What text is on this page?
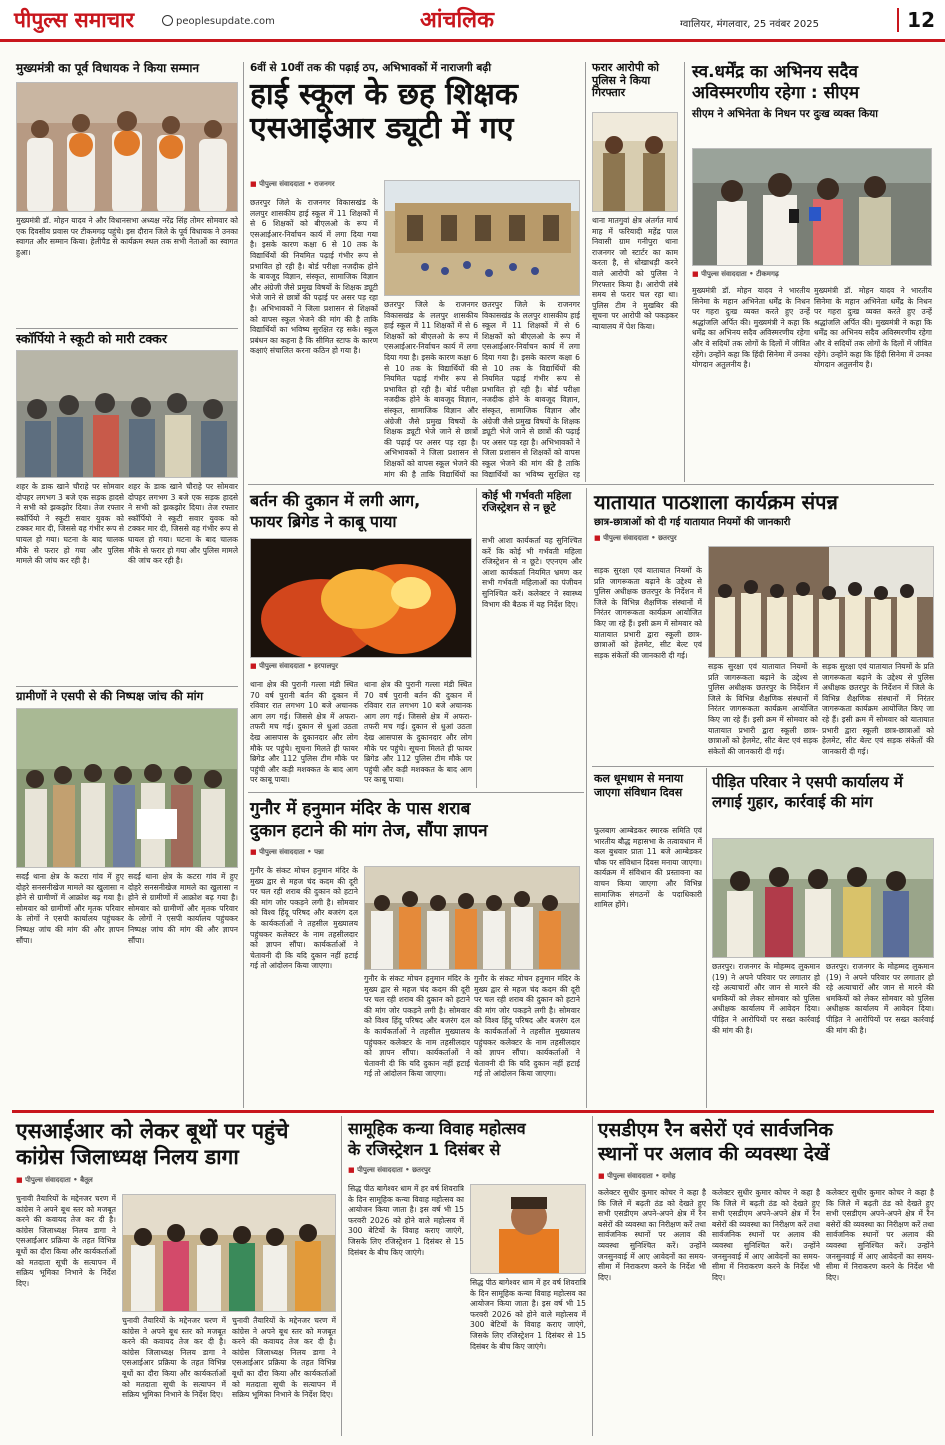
पीपुल्स समाचार	peoplesupdate.com	आंचलिक	ग्वालियर, मंगलवार, 25 नवंबर 2025	12
मुख्यमंत्री का पूर्व विधायक ने किया सम्मान
मुख्यमंत्री डॉ. मोहन यादव ने और विधानसभा अध्यक्ष नरेंद्र सिंह तोमर सोमवार को एक दिवसीय प्रवास पर टीकमगढ़ पहुंचे। इस दौरान जिले के पूर्व विधायक ने उनका स्वागत और सम्मान किया। हेलीपैड से कार्यक्रम स्थल तक सभी नेताओं का स्वागत हुआ।
स्कॉर्पियो ने स्कूटी को मारी टक्कर
शहर के डाक खाने चौराहे पर सोमवार दोपहर लगभग 3 बजे एक सड़क हादसे ने सभी को झकझोर दिया। तेज रफ्तार स्कॉर्पियो ने स्कूटी सवार युवक को टक्कर मार दी, जिससे वह गंभीर रूप से घायल हो गया। घटना के बाद चालक मौके से फरार हो गया और पुलिस मामले की जांच कर रही है।
शहर के डाक खाने चौराहे पर सोमवार दोपहर लगभग 3 बजे एक सड़क हादसे ने सभी को झकझोर दिया। तेज रफ्तार स्कॉर्पियो ने स्कूटी सवार युवक को टक्कर मार दी, जिससे वह गंभीर रूप से घायल हो गया। घटना के बाद चालक मौके से फरार हो गया और पुलिस मामले की जांच कर रही है।
ग्रामीणों ने एसपी से की निष्पक्ष जांच की मांग
सदर्ई थाना क्षेत्र के कटरा गांव में हुए दोहरे सनसनीखेज मामले का खुलासा न होने से ग्रामीणों में आक्रोश बढ़ गया है। सोमवार को ग्रामीणों और मृतक परिवार के लोगों ने एसपी कार्यालय पहुंचकर निष्पक्ष जांच की मांग की और ज्ञापन सौंपा।
सदर्ई थाना क्षेत्र के कटरा गांव में हुए दोहरे सनसनीखेज मामले का खुलासा न होने से ग्रामीणों में आक्रोश बढ़ गया है। सोमवार को ग्रामीणों और मृतक परिवार के लोगों ने एसपी कार्यालय पहुंचकर निष्पक्ष जांच की मांग की और ज्ञापन सौंपा।
6वीं से 10वीं तक की पढ़ाई ठप, अभिभावकों में नाराजगी बढ़ी
हाई स्कूल के छह शिक्षक
एसआईआर ड्यूटी में गए
■ पीपुल्स संवाददाता • राजनगर
छतरपुर जिले के राजनगर विकासखंड के ललपुर शासकीय हाई स्कूल में 11 शिक्षकों में से 6 शिक्षकों को बीएलओ के रूप में एसआईआर-निर्वाचन कार्य में लगा दिया गया है। इसके कारण कक्षा 6 से 10 तक के विद्यार्थियों की नियमित पढ़ाई गंभीर रूप से प्रभावित हो रही है। बोर्ड परीक्षा नजदीक होने के बावजूद विज्ञान, संस्कृत, सामाजिक विज्ञान और अंग्रेजी जैसे प्रमुख विषयों के शिक्षक ड्यूटी भेजे जाने से छात्रों की पढ़ाई पर असर पड़ रहा है। अभिभावकों ने जिला प्रशासन से शिक्षकों को वापस स्कूल भेजने की मांग की है ताकि विद्यार्थियों का भविष्य सुरक्षित रह सके। स्कूल प्रबंधन का कहना है कि सीमित स्टाफ के कारण कक्षाएं संचालित करना कठिन हो गया है।
छतरपुर जिले के राजनगर विकासखंड के ललपुर शासकीय हाई स्कूल में 11 शिक्षकों में से 6 शिक्षकों को बीएलओ के रूप में एसआईआर-निर्वाचन कार्य में लगा दिया गया है। इसके कारण कक्षा 6 से 10 तक के विद्यार्थियों की नियमित पढ़ाई गंभीर रूप से प्रभावित हो रही है। बोर्ड परीक्षा नजदीक होने के बावजूद विज्ञान, संस्कृत, सामाजिक विज्ञान और अंग्रेजी जैसे प्रमुख विषयों के शिक्षक ड्यूटी भेजे जाने से छात्रों की पढ़ाई पर असर पड़ रहा है। अभिभावकों ने जिला प्रशासन से शिक्षकों को वापस स्कूल भेजने की मांग की है ताकि विद्यार्थियों का
छतरपुर जिले के राजनगर विकासखंड के ललपुर शासकीय हाई स्कूल में 11 शिक्षकों में से 6 शिक्षकों को बीएलओ के रूप में एसआईआर-निर्वाचन कार्य में लगा दिया गया है। इसके कारण कक्षा 6 से 10 तक के विद्यार्थियों की नियमित पढ़ाई गंभीर रूप से प्रभावित हो रही है। बोर्ड परीक्षा नजदीक होने के बावजूद विज्ञान, संस्कृत, सामाजिक विज्ञान और अंग्रेजी जैसे प्रमुख विषयों के शिक्षक ड्यूटी भेजे जाने से छात्रों की पढ़ाई पर असर पड़ रहा है। अभिभावकों ने जिला प्रशासन से शिक्षकों को वापस स्कूल भेजने की मांग की है ताकि विद्यार्थियों का भविष्य सुरक्षित रह
फरार आरोपी को पुलिस ने किया गिरफ्तार
थाना मातगुवां क्षेत्र अंतर्गत मार्च माह में फरियादी महेंद्र पाल निवासी ग्राम गनीपुरा थाना राजनगर जो स्टार्टर का काम करता है, से धोखाधड़ी करने वाले आरोपी को पुलिस ने गिरफ्तार किया है। आरोपी लंबे समय से फरार चल रहा था। पुलिस टीम ने मुखबिर की सूचना पर आरोपी को पकड़कर न्यायालय में पेश किया।
स्व.धर्मेंद्र का अभिनय सदैव अविस्मरणीय रहेगा : सीएम
सीएम ने अभिनेता के निधन पर दुःख व्यक्त किया
■ पीपुल्स संवाददाता • टीकमगढ़
मुख्यमंत्री डॉ. मोहन यादव ने भारतीय सिनेमा के महान अभिनेता धर्मेंद्र के निधन पर गहरा दुःख व्यक्त करते हुए उन्हें श्रद्धांजलि अर्पित की। मुख्यमंत्री ने कहा कि धर्मेंद्र का अभिनय सदैव अविस्मरणीय रहेगा और वे सदियों तक लोगों के दिलों में जीवित रहेंगे। उन्होंने कहा कि हिंदी सिनेमा में उनका योगदान अतुलनीय है।
मुख्यमंत्री डॉ. मोहन यादव ने भारतीय सिनेमा के महान अभिनेता धर्मेंद्र के निधन पर गहरा दुःख व्यक्त करते हुए उन्हें श्रद्धांजलि अर्पित की। मुख्यमंत्री ने कहा कि धर्मेंद्र का अभिनय सदैव अविस्मरणीय रहेगा और वे सदियों तक लोगों के दिलों में जीवित रहेंगे। उन्होंने कहा कि हिंदी सिनेमा में उनका योगदान अतुलनीय है।
बर्तन की दुकान में लगी आग,
फायर ब्रिगेड ने काबू पाया
■ पीपुल्स संवाददाता • हरपालपुर
थाना क्षेत्र की पुरानी गल्ला मंडी स्थित 70 वर्ष पुरानी बर्तन की दुकान में रविवार रात लगभग 10 बजे अचानक आग लग गई। जिससे क्षेत्र में अफरा-तफरी मच गई। दुकान से धुआं उठता देख आसपास के दुकानदार और लोग मौके पर पहुंचे। सूचना मिलते ही फायर ब्रिगेड और 112 पुलिस टीम मौके पर पहुंची और कड़ी मशक्कत के बाद आग पर काबू पाया।
थाना क्षेत्र की पुरानी गल्ला मंडी स्थित 70 वर्ष पुरानी बर्तन की दुकान में रविवार रात लगभग 10 बजे अचानक आग लग गई। जिससे क्षेत्र में अफरा-तफरी मच गई। दुकान से धुआं उठता देख आसपास के दुकानदार और लोग मौके पर पहुंचे। सूचना मिलते ही फायर ब्रिगेड और 112 पुलिस टीम मौके पर पहुंची और कड़ी मशक्कत के बाद आग पर काबू पाया।
कोई भी गर्भवती महिला रजिस्ट्रेशन से न छूटे
सभी आशा कार्यकर्ता यह सुनिश्चित करें कि कोई भी गर्भवती महिला रजिस्ट्रेशन से न छूटे। एएनएम और आशा कार्यकर्ता नियमित भ्रमण कर सभी गर्भवती महिलाओं का पंजीयन सुनिश्चित करें। कलेक्टर ने स्वास्थ्य विभाग की बैठक में यह निर्देश दिए।
यातायात पाठशाला कार्यक्रम संपन्न
छात्र-छात्राओं को दी गई यातायात नियमों की जानकारी
■ पीपुल्स संवाददाता • छतरपुर
सड़क सुरक्षा एवं यातायात नियमों के प्रति जागरूकता बढ़ाने के उद्देश्य से पुलिस अधीक्षक छतरपुर के निर्देशन में जिले के विभिन्न शैक्षणिक संस्थानों में निरंतर जागरूकता कार्यक्रम आयोजित किए जा रहे हैं। इसी क्रम में सोमवार को यातायात प्रभारी द्वारा स्कूली छात्र-छात्राओं को हेलमेट, सीट बेल्ट एवं सड़क संकेतों की जानकारी दी गई।
सड़क सुरक्षा एवं यातायात नियमों के प्रति जागरूकता बढ़ाने के उद्देश्य से पुलिस अधीक्षक छतरपुर के निर्देशन में जिले के विभिन्न शैक्षणिक संस्थानों में निरंतर जागरूकता कार्यक्रम आयोजित किए जा रहे हैं। इसी क्रम में सोमवार को यातायात प्रभारी द्वारा स्कूली छात्र-छात्राओं को हेलमेट, सीट बेल्ट एवं सड़क संकेतों की जानकारी दी गई।
सड़क सुरक्षा एवं यातायात नियमों के प्रति जागरूकता बढ़ाने के उद्देश्य से पुलिस अधीक्षक छतरपुर के निर्देशन में जिले के विभिन्न शैक्षणिक संस्थानों में निरंतर जागरूकता कार्यक्रम आयोजित किए जा रहे हैं। इसी क्रम में सोमवार को यातायात प्रभारी द्वारा स्कूली छात्र-छात्राओं को हेलमेट, सीट बेल्ट एवं सड़क संकेतों की जानकारी दी गई।
गुनौर में हनुमान मंदिर के पास शराब
दुकान हटाने की मांग तेज, सौंपा ज्ञापन
■ पीपुल्स संवाददाता • पन्ना
गुनौर के संकट मोचन हनुमान मंदिर के मुख्य द्वार से महज चंद कदम की दूरी पर चल रही शराब की दुकान को हटाने की मांग जोर पकड़ने लगी है। सोमवार को विश्व हिंदू परिषद और बजरंग दल के कार्यकर्ताओं ने तहसील मुख्यालय पहुंचकर कलेक्टर के नाम तहसीलदार को ज्ञापन सौंपा। कार्यकर्ताओं ने चेतावनी दी कि यदि दुकान नहीं हटाई गई तो आंदोलन किया जाएगा।
गुनौर के संकट मोचन हनुमान मंदिर के मुख्य द्वार से महज चंद कदम की दूरी पर चल रही शराब की दुकान को हटाने की मांग जोर पकड़ने लगी है। सोमवार को विश्व हिंदू परिषद और बजरंग दल के कार्यकर्ताओं ने तहसील मुख्यालय पहुंचकर कलेक्टर के नाम तहसीलदार को ज्ञापन सौंपा। कार्यकर्ताओं ने चेतावनी दी कि यदि दुकान नहीं हटाई गई तो आंदोलन किया जाएगा।
गुनौर के संकट मोचन हनुमान मंदिर के मुख्य द्वार से महज चंद कदम की दूरी पर चल रही शराब की दुकान को हटाने की मांग जोर पकड़ने लगी है। सोमवार को विश्व हिंदू परिषद और बजरंग दल के कार्यकर्ताओं ने तहसील मुख्यालय पहुंचकर कलेक्टर के नाम तहसीलदार को ज्ञापन सौंपा। कार्यकर्ताओं ने चेतावनी दी कि यदि दुकान नहीं हटाई गई तो आंदोलन किया जाएगा।
कल धूमधाम से मनाया जाएगा संविधान दिवस
फूलबाग आम्बेडकर स्मारक समिति एवं भारतीय बौद्ध महासभा के तत्वावधान में कल बुधवार प्रातः 11 बजे आम्बेडकर चौक पर संविधान दिवस मनाया जाएगा। कार्यक्रम में संविधान की प्रस्तावना का वाचन किया जाएगा और विभिन्न सामाजिक संगठनों के पदाधिकारी शामिल होंगे।
पीड़ित परिवार ने एसपी कार्यालय में लगाई गुहार, कार्रवाई की मांग
छतरपुर। राजनगर के मोहम्मद लुकमान (19) ने अपने परिवार पर लगातार हो रहे अत्याचारों और जान से मारने की धमकियों को लेकर सोमवार को पुलिस अधीक्षक कार्यालय में आवेदन दिया। पीड़ित ने आरोपियों पर सख्त कार्रवाई की मांग की है।
छतरपुर। राजनगर के मोहम्मद लुकमान (19) ने अपने परिवार पर लगातार हो रहे अत्याचारों और जान से मारने की धमकियों को लेकर सोमवार को पुलिस अधीक्षक कार्यालय में आवेदन दिया। पीड़ित ने आरोपियों पर सख्त कार्रवाई की मांग की है।
एसआईआर को लेकर बूथों पर पहुंचे
कांग्रेस जिलाध्यक्ष निलय डागा
■ पीपुल्स संवाददाता • बैतूल
चुनावी तैयारियों के मद्देनजर चरण में कांग्रेस ने अपने बूथ स्तर को मजबूत करने की कवायद तेज कर दी है। कांग्रेस जिलाध्यक्ष निलय डागा ने एसआईआर प्रक्रिया के तहत विभिन्न बूथों का दौरा किया और कार्यकर्ताओं को मतदाता सूची के सत्यापन में सक्रिय भूमिका निभाने के निर्देश दिए।
चुनावी तैयारियों के मद्देनजर चरण में कांग्रेस ने अपने बूथ स्तर को मजबूत करने की कवायद तेज कर दी है। कांग्रेस जिलाध्यक्ष निलय डागा ने एसआईआर प्रक्रिया के तहत विभिन्न बूथों का दौरा किया और कार्यकर्ताओं को मतदाता सूची के सत्यापन में सक्रिय भूमिका निभाने के निर्देश दिए।
चुनावी तैयारियों के मद्देनजर चरण में कांग्रेस ने अपने बूथ स्तर को मजबूत करने की कवायद तेज कर दी है। कांग्रेस जिलाध्यक्ष निलय डागा ने एसआईआर प्रक्रिया के तहत विभिन्न बूथों का दौरा किया और कार्यकर्ताओं को मतदाता सूची के सत्यापन में सक्रिय भूमिका निभाने के निर्देश दिए।
सामूहिक कन्या विवाह महोत्सव
के रजिस्ट्रेशन 1 दिसंबर से
■ पीपुल्स संवाददाता • छतरपुर
सिद्ध पीठ बागेश्वर धाम में हर वर्ष शिवरात्रि के दिन सामूहिक कन्या विवाह महोत्सव का आयोजन किया जाता है। इस वर्ष भी 15 फरवरी 2026 को होने वाले महोत्सव में 300 बेटियों के विवाह कराए जाएंगे, जिसके लिए रजिस्ट्रेशन 1 दिसंबर से 15 दिसंबर के बीच किए जाएंगे।
सिद्ध पीठ बागेश्वर धाम में हर वर्ष शिवरात्रि के दिन सामूहिक कन्या विवाह महोत्सव का आयोजन किया जाता है। इस वर्ष भी 15 फरवरी 2026 को होने वाले महोत्सव में 300 बेटियों के विवाह कराए जाएंगे, जिसके लिए रजिस्ट्रेशन 1 दिसंबर से 15 दिसंबर के बीच किए जाएंगे।
एसडीएम रैन बसेरों एवं सार्वजनिक
स्थानों पर अलाव की व्यवस्था देखें
■ पीपुल्स संवाददाता • दमोह
कलेक्टर सुधीर कुमार कोचर ने कहा है कि जिले में बढ़ती ठंड को देखते हुए सभी एसडीएम अपने-अपने क्षेत्र में रैन बसेरों की व्यवस्था का निरीक्षण करें तथा सार्वजनिक स्थानों पर अलाव की व्यवस्था सुनिश्चित करें। उन्होंने जनसुनवाई में आए आवेदनों का समय-सीमा में निराकरण करने के निर्देश भी दिए।
कलेक्टर सुधीर कुमार कोचर ने कहा है कि जिले में बढ़ती ठंड को देखते हुए सभी एसडीएम अपने-अपने क्षेत्र में रैन बसेरों की व्यवस्था का निरीक्षण करें तथा सार्वजनिक स्थानों पर अलाव की व्यवस्था सुनिश्चित करें। उन्होंने जनसुनवाई में आए आवेदनों का समय-सीमा में निराकरण करने के निर्देश भी दिए।
कलेक्टर सुधीर कुमार कोचर ने कहा है कि जिले में बढ़ती ठंड को देखते हुए सभी एसडीएम अपने-अपने क्षेत्र में रैन बसेरों की व्यवस्था का निरीक्षण करें तथा सार्वजनिक स्थानों पर अलाव की व्यवस्था सुनिश्चित करें। उन्होंने जनसुनवाई में आए आवेदनों का समय-सीमा में निराकरण करने के निर्देश भी दिए।
